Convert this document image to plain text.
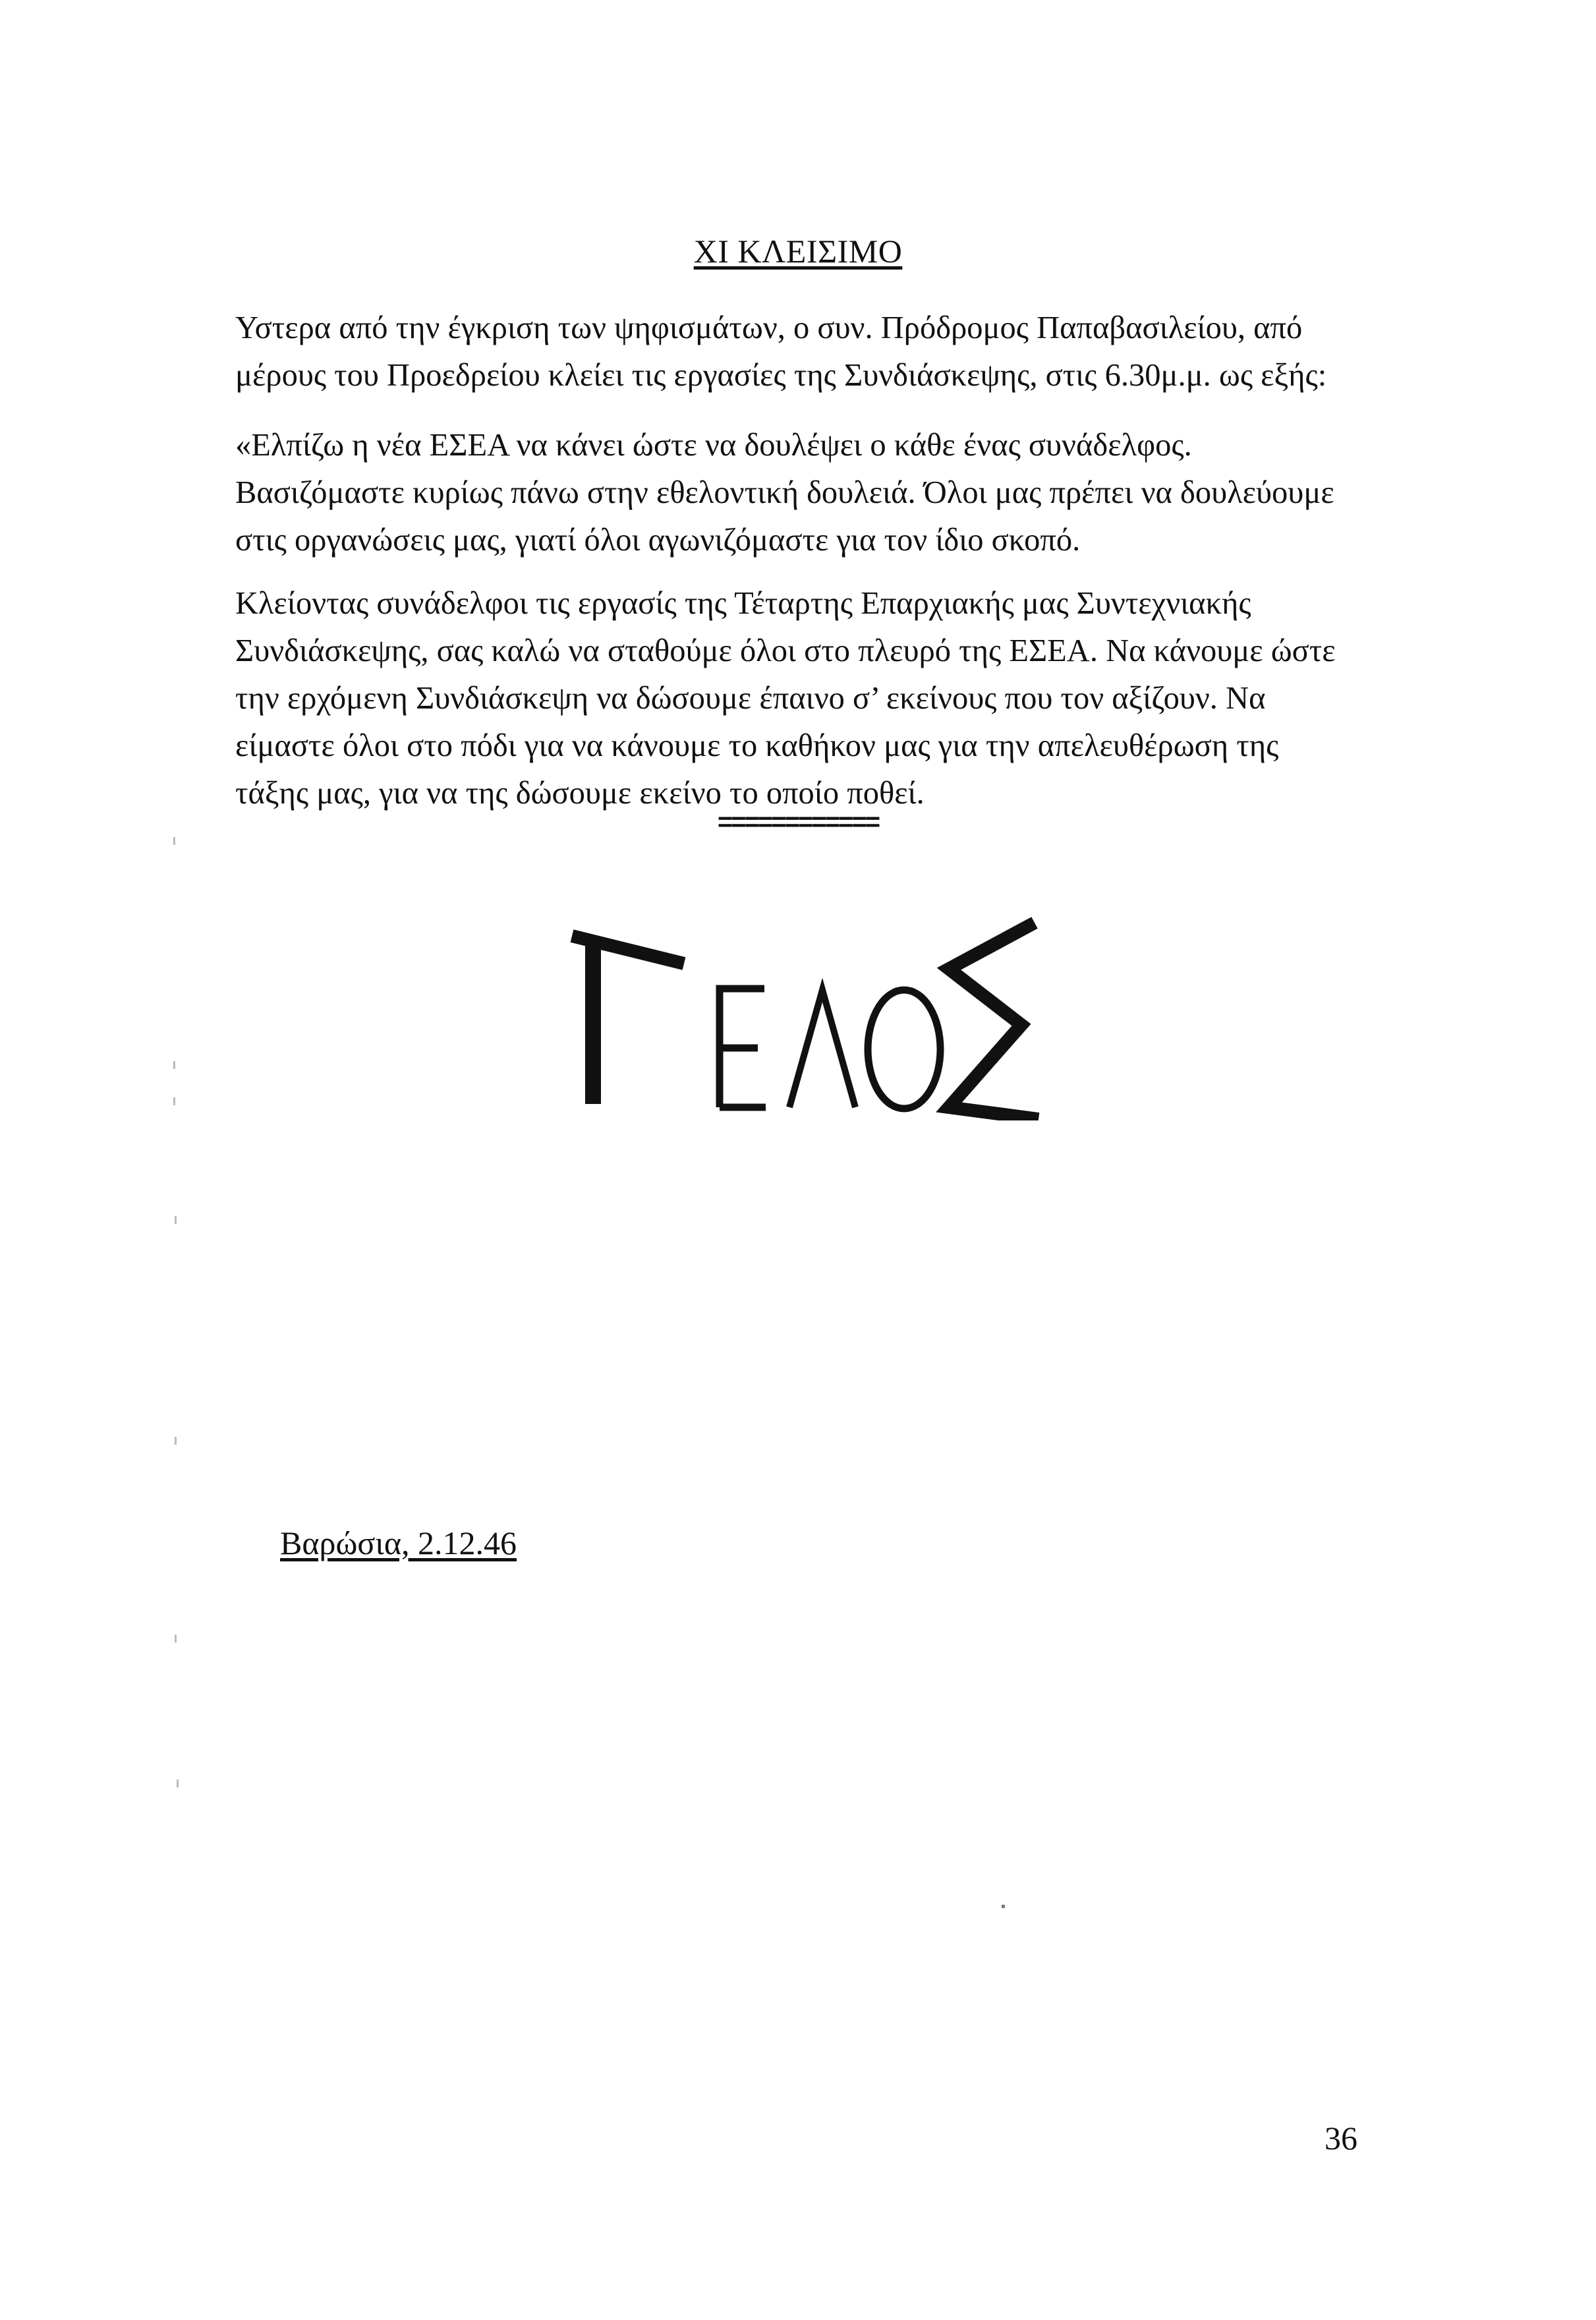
XI ΚΛΕΙΣΙΜΟ

Υστερα από την έγκριση των ψηφισμάτων, ο συν. Πρόδρομος Παπαβασιλείου, από
μέρους του Προεδρείου κλείει τις εργασίες της Συνδιάσκεψης, στις 6.30μ.μ. ως εξής:

«Ελπίζω η νέα ΕΣΕΑ να κάνει ώστε να δουλέψει ο κάθε ένας συνάδελφος.
Βασιζόμαστε κυρίως πάνω στην εθελοντική δουλειά. Όλοι μας πρέπει να δουλεύουμε
στις οργανώσεις μας, γιατί όλοι αγωνιζόμαστε για τον ίδιο σκοπό.

Κλείοντας συνάδελφοι τις εργασίς της Τέταρτης Επαρχιακής μας Συντεχνιακής
Συνδιάσκεψης, σας καλώ να σταθούμε όλοι στο πλευρό της ΕΣΕΑ. Να κάνουμε ώστε
την ερχόμενη Συνδιάσκεψη να δώσουμε έπαινο σ’ εκείνους που τον αξίζουν. Να
είμαστε όλοι στο πόδι για να κάνουμε το καθήκον μας για την απελευθέρωση της
τάξης μας, για να της δώσουμε εκείνο το οποίο ποθεί.

============
Βαρώσια, 2.12.46
36
